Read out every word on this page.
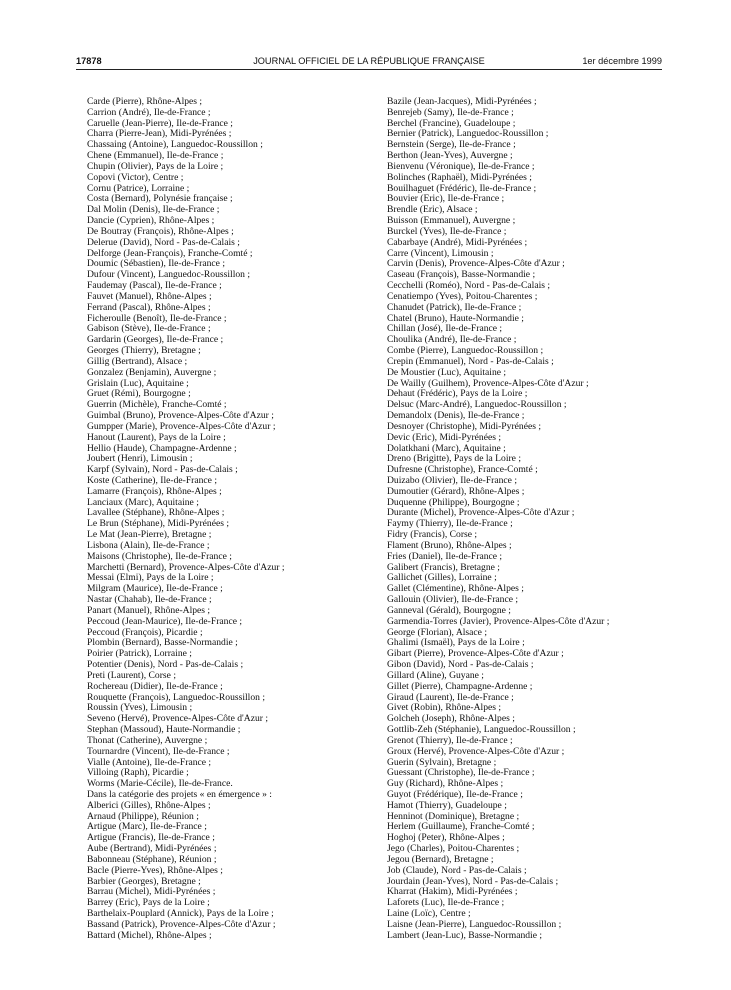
17878	JOURNAL OFFICIEL DE LA RÉPUBLIQUE FRANÇAISE	1er décembre 1999
Carde (Pierre), Rhône-Alpes ;
Carrion (André), Ile-de-France ;
Caruelle (Jean-Pierre), Ile-de-France ;
Charra (Pierre-Jean), Midi-Pyrénées ;
Chassaing (Antoine), Languedoc-Roussillon ;
Chene (Emmanuel), Ile-de-France ;
Chupin (Olivier), Pays de la Loire ;
Copovi (Victor), Centre ;
Cornu (Patrice), Lorraine ;
Costa (Bernard), Polynésie française ;
Dal Molin (Denis), Ile-de-France ;
Dancie (Cyprien), Rhône-Alpes ;
De Boutray (François), Rhône-Alpes ;
Delerue (David), Nord - Pas-de-Calais ;
Delforge (Jean-François), Franche-Comté ;
Doumic (Sébastien), Ile-de-France ;
Dufour (Vincent), Languedoc-Roussillon ;
Faudemay (Pascal), Ile-de-France ;
Fauvet (Manuel), Rhône-Alpes ;
Ferrand (Pascal), Rhône-Alpes ;
Ficheroulle (Benoît), Ile-de-France ;
Gabison (Stève), Ile-de-France ;
Gardarin (Georges), Ile-de-France ;
Georges (Thierry), Bretagne ;
Gillig (Bertrand), Alsace ;
Gonzalez (Benjamin), Auvergne ;
Grislain (Luc), Aquitaine ;
Gruet (Rémi), Bourgogne ;
Guerrin (Michèle), Franche-Comté ;
Guimbal (Bruno), Provence-Alpes-Côte d'Azur ;
Gumpper (Marie), Provence-Alpes-Côte d'Azur ;
Hanout (Laurent), Pays de la Loire ;
Hellio (Haude), Champagne-Ardenne ;
Joubert (Henri), Limousin ;
Karpf (Sylvain), Nord - Pas-de-Calais ;
Koste (Catherine), Ile-de-France ;
Lamarre (François), Rhône-Alpes ;
Lanciaux (Marc), Aquitaine ;
Lavallee (Stéphane), Rhône-Alpes ;
Le Brun (Stéphane), Midi-Pyrénées ;
Le Mat (Jean-Pierre), Bretagne ;
Lisbona (Alain), Ile-de-France ;
Maisons (Christophe), Ile-de-France ;
Marchetti (Bernard), Provence-Alpes-Côte d'Azur ;
Messai (Elmi), Pays de la Loire ;
Milgram (Maurice), Ile-de-France ;
Nastar (Chahab), Ile-de-France ;
Panart (Manuel), Rhône-Alpes ;
Peccoud (Jean-Maurice), Ile-de-France ;
Peccoud (François), Picardie ;
Plombin (Bernard), Basse-Normandie ;
Poirier (Patrick), Lorraine ;
Potentier (Denis), Nord - Pas-de-Calais ;
Preti (Laurent), Corse ;
Rochereau (Didier), Ile-de-France ;
Rouquette (François), Languedoc-Roussillon ;
Roussin (Yves), Limousin ;
Seveno (Hervé), Provence-Alpes-Côte d'Azur ;
Stephan (Massoud), Haute-Normandie ;
Thonat (Catherine), Auvergne ;
Tournardre (Vincent), Ile-de-France ;
Vialle (Antoine), Ile-de-France ;
Villoing (Raph), Picardie ;
Worms (Marie-Cécile), Ile-de-France.
Dans la catégorie des projets « en émergence » :
Alberici (Gilles), Rhône-Alpes ;
Arnaud (Philippe), Réunion ;
Artigue (Marc), Ile-de-France ;
Artigue (Francis), Ile-de-France ;
Aube (Bertrand), Midi-Pyrénées ;
Babonneau (Stéphane), Réunion ;
Bacle (Pierre-Yves), Rhône-Alpes ;
Barbier (Georges), Bretagne ;
Barrau (Michel), Midi-Pyrénées ;
Barrey (Eric), Pays de la Loire ;
Barthelaix-Pouplard (Annick), Pays de la Loire ;
Bassand (Patrick), Provence-Alpes-Côte d'Azur ;
Battard (Michel), Rhône-Alpes ;
Bazile (Jean-Jacques), Midi-Pyrénées ;
Benrejeb (Samy), Ile-de-France ;
Berchel (Francine), Guadeloupe ;
Bernier (Patrick), Languedoc-Roussillon ;
Bernstein (Serge), Ile-de-France ;
Berthon (Jean-Yves), Auvergne ;
Bienvenu (Véronique), Ile-de-France ;
Bolinches (Raphaël), Midi-Pyrénées ;
Bouilhaguet (Frédéric), Ile-de-France ;
Bouvier (Eric), Ile-de-France ;
Brendle (Eric), Alsace ;
Buisson (Emmanuel), Auvergne ;
Burckel (Yves), Ile-de-France ;
Cabarbaye (André), Midi-Pyrénées ;
Carre (Vincent), Limousin ;
Carvin (Denis), Provence-Alpes-Côte d'Azur ;
Caseau (François), Basse-Normandie ;
Cecchelli (Roméo), Nord - Pas-de-Calais ;
Cenatiempo (Yves), Poitou-Charentes ;
Chanudet (Patrick), Ile-de-France ;
Chatel (Bruno), Haute-Normandie ;
Chillan (José), Ile-de-France ;
Choulika (André), Ile-de-France ;
Combe (Pierre), Languedoc-Roussillon ;
Crepin (Emmanuel), Nord - Pas-de-Calais ;
De Moustier (Luc), Aquitaine ;
De Wailly (Guilhem), Provence-Alpes-Côte d'Azur ;
Dehaut (Frédéric), Pays de la Loire ;
Delsuc (Marc-André), Languedoc-Roussillon ;
Demandolx (Denis), Ile-de-France ;
Desnoyer (Christophe), Midi-Pyrénées ;
Devic (Eric), Midi-Pyrénées ;
Dolatkhani (Marc), Aquitaine ;
Dreno (Brigitte), Pays de la Loire ;
Dufresne (Christophe), France-Comté ;
Duizabo (Olivier), Ile-de-France ;
Dumoutier (Gérard), Rhône-Alpes ;
Duquenne (Philippe), Bourgogne ;
Durante (Michel), Provence-Alpes-Côte d'Azur ;
Faymy (Thierry), Ile-de-France ;
Fidry (Francis), Corse ;
Flament (Bruno), Rhône-Alpes ;
Fries (Daniel), Ile-de-France ;
Galibert (Francis), Bretagne ;
Gallichet (Gilles), Lorraine ;
Gallet (Clémentine), Rhône-Alpes ;
Gallouin (Olivier), Ile-de-France ;
Ganneval (Gérald), Bourgogne ;
Garmendia-Torres (Javier), Provence-Alpes-Côte d'Azur ;
George (Florian), Alsace ;
Ghalimi (Ismaël), Pays de la Loire ;
Gibart (Pierre), Provence-Alpes-Côte d'Azur ;
Gibon (David), Nord - Pas-de-Calais ;
Gillard (Aline), Guyane ;
Gillet (Pierre), Champagne-Ardenne ;
Giraud (Laurent), Ile-de-France ;
Givet (Robin), Rhône-Alpes ;
Golcheh (Joseph), Rhône-Alpes ;
Gottlib-Zeh (Stéphanie), Languedoc-Roussillon ;
Grenot (Thierry), Ile-de-France ;
Groux (Hervé), Provence-Alpes-Côte d'Azur ;
Guerin (Sylvain), Bretagne ;
Guessant (Christophe), Ile-de-France ;
Guy (Richard), Rhône-Alpes ;
Guyot (Frédérique), Ile-de-France ;
Hamot (Thierry), Guadeloupe ;
Henninot (Dominique), Bretagne ;
Herlem (Guillaume), Franche-Comté ;
Hoghoj (Peter), Rhône-Alpes ;
Jego (Charles), Poitou-Charentes ;
Jegou (Bernard), Bretagne ;
Job (Claude), Nord - Pas-de-Calais ;
Jourdain (Jean-Yves), Nord - Pas-de-Calais ;
Kharrat (Hakim), Midi-Pyrénées ;
Laforets (Luc), Ile-de-France ;
Laine (Loïc), Centre ;
Laisne (Jean-Pierre), Languedoc-Roussillon ;
Lambert (Jean-Luc), Basse-Normandie ;
